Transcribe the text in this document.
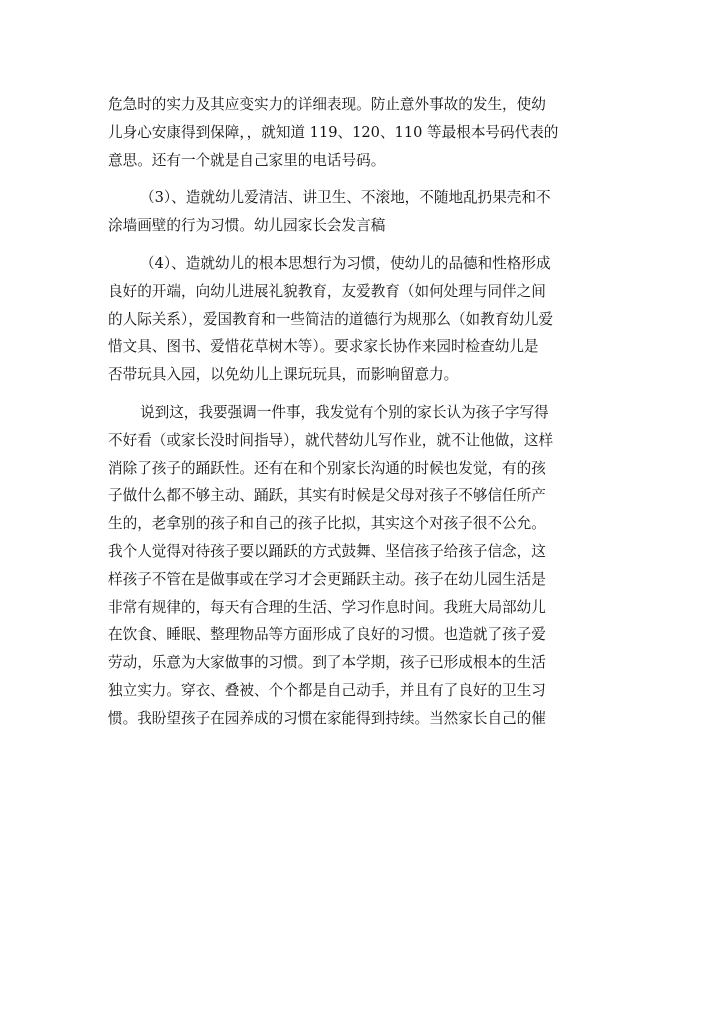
危急时的实力及其应变实力的详细表现。防止意外事故的发生，使幼
儿身心安康得到保障，，就知道 119、120、110 等最根本号码代表的
意思。还有一个就是自己家里的电话号码。
（3）、造就幼儿爱清洁、讲卫生、不滚地，不随地乱扔果壳和不
涂墙画壁的行为习惯。幼儿园家长会发言稿
（4）、造就幼儿的根本思想行为习惯，使幼儿的品德和性格形成
良好的开端，向幼儿进展礼貌教育，友爱教育（如何处理与同伴之间
的人际关系），爱国教育和一些简洁的道德行为规那么（如教育幼儿爱
惜文具、图书、爱惜花草树木等）。要求家长协作来园时检查幼儿是
否带玩具入园，以免幼儿上课玩玩具，而影响留意力。
说到这，我要强调一件事，我发觉有个别的家长认为孩子字写得
不好看（或家长没时间指导），就代替幼儿写作业，就不让他做，这样
消除了孩子的踊跃性。还有在和个别家长沟通的时候也发觉，有的孩
子做什么都不够主动、踊跃，其实有时候是父母对孩子不够信任所产
生的，老拿别的孩子和自己的孩子比拟，其实这个对孩子很不公允。
我个人觉得对待孩子要以踊跃的方式鼓舞、坚信孩子给孩子信念，这
样孩子不管在是做事或在学习才会更踊跃主动。孩子在幼儿园生活是
非常有规律的，每天有合理的生活、学习作息时间。我班大局部幼儿
在饮食、睡眠、整理物品等方面形成了良好的习惯。也造就了孩子爱
劳动，乐意为大家做事的习惯。到了本学期，孩子已形成根本的生活
独立实力。穿衣、叠被、个个都是自己动手，并且有了良好的卫生习
惯。我盼望孩子在园养成的习惯在家能得到持续。当然家长自己的催
